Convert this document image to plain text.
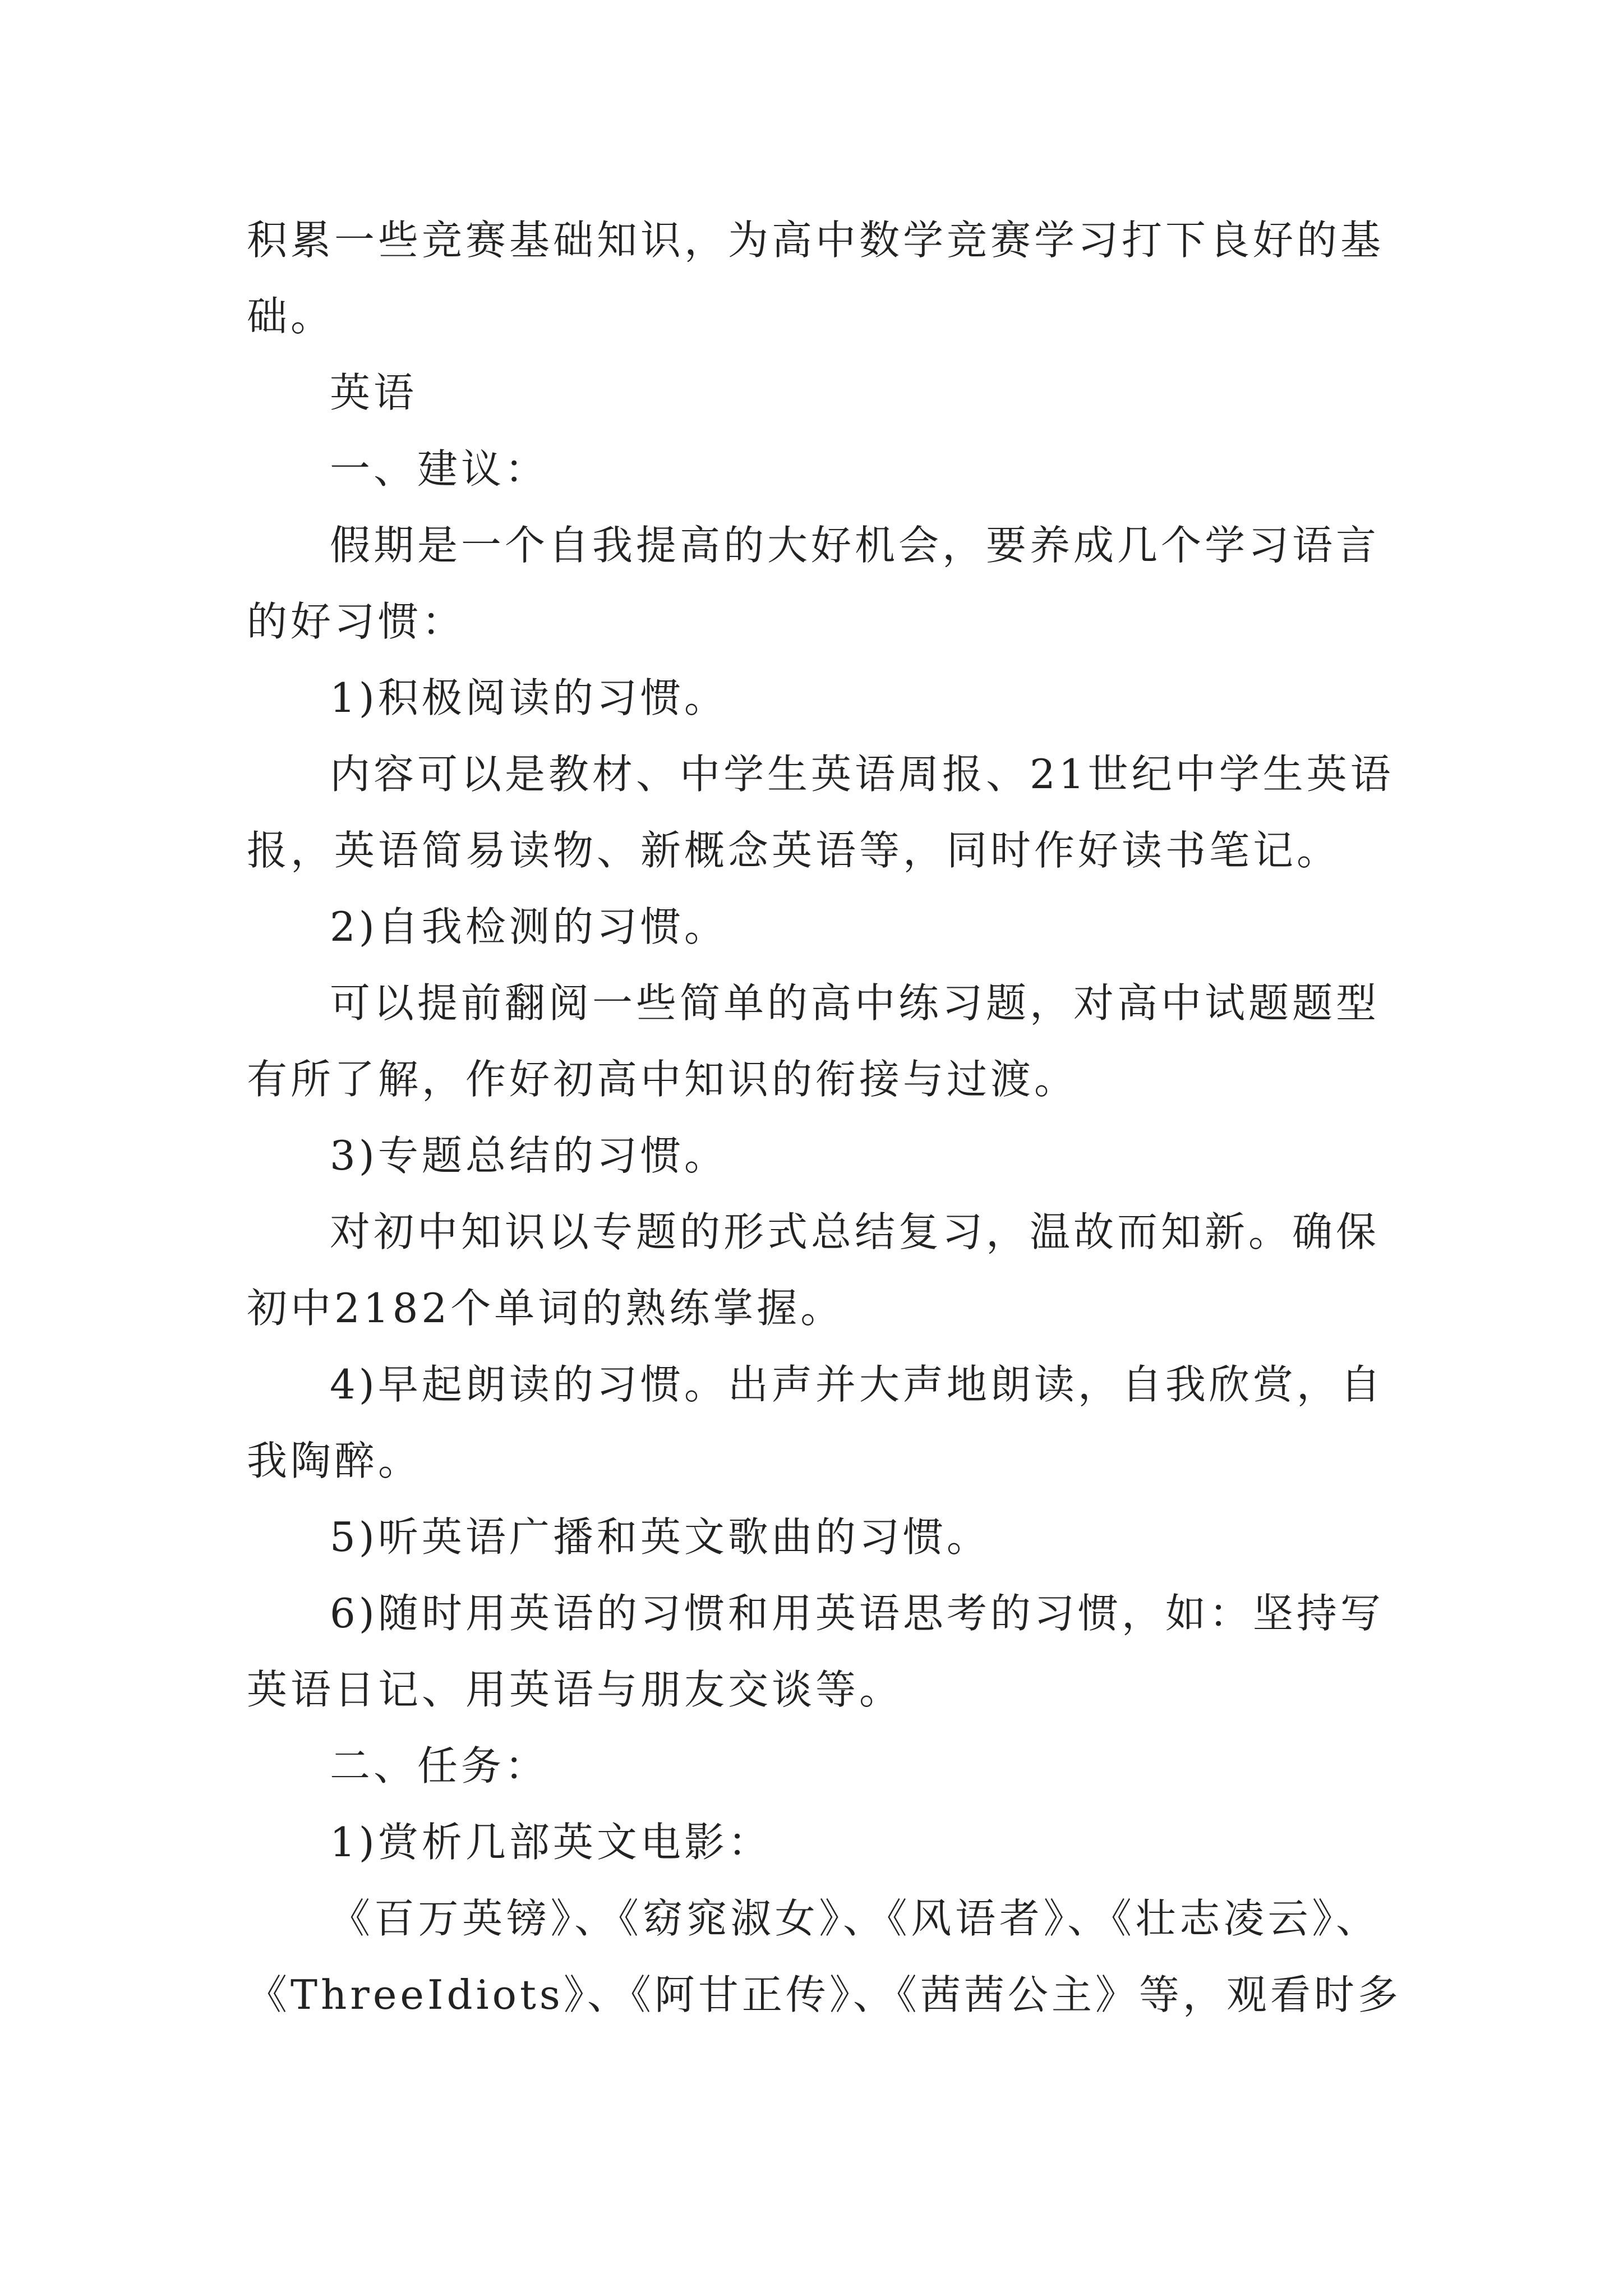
积累一些竞赛基础知识，为高中数学竞赛学习打下良好的基
础。
英语
一、建议：
假期是一个自我提高的大好机会，要养成几个学习语言
的好习惯：
1)积极阅读的习惯。
内容可以是教材、中学生英语周报、21世纪中学生英语
报，英语简易读物、新概念英语等，同时作好读书笔记。
2)自我检测的习惯。
可以提前翻阅一些简单的高中练习题，对高中试题题型
有所了解，作好初高中知识的衔接与过渡。
3)专题总结的习惯。
对初中知识以专题的形式总结复习，温故而知新。确保
初中2182个单词的熟练掌握。
4)早起朗读的习惯。出声并大声地朗读，自我欣赏，自
我陶醉。
5)听英语广播和英文歌曲的习惯。
6)随时用英语的习惯和用英语思考的习惯，如：坚持写
英语日记、用英语与朋友交谈等。
二、任务：
1)赏析几部英文电影：
《百万英镑》、《窈窕淑女》、《风语者》、《壮志凌云》、
《ThreeIdiots》、《阿甘正传》、《茜茜公主》等，观看时多
